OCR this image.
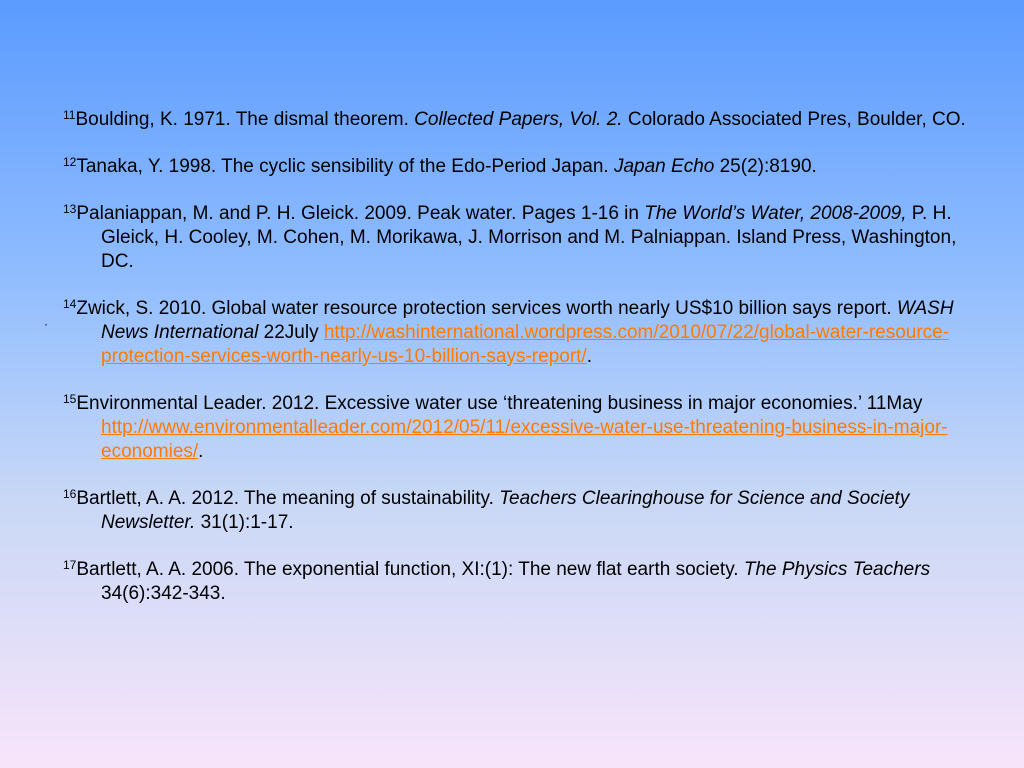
·

$^{11}$Boulding, K. 1971. The dismal theorem. Collected Papers, Vol. 2. Colorado Associated Pres, Boulder, CO.

$^{12}$Tanaka, Y. 1998. The cyclic sensibility of the Edo-Period Japan. Japan Echo 25(2):8190.

$^{13}$Palaniappan, M. and P. H. Gleick. 2009. Peak water. Pages 1-16 in The World’s Water, 2008-2009, P. H. Gleick, H. Cooley, M. Cohen, M. Morikawa, J. Morrison and M. Palniappan. Island Press, Washington, DC.

$^{14}$Zwick, S. 2010. Global water resource protection services worth nearly US$10 billion says report. WASH News International 22July http://washinternational.wordpress.com/2010/07/22/global-water-resource-protection-services-worth-nearly-us-10-billion-says-report/.

$^{15}$Environmental Leader. 2012. Excessive water use ‘threatening business in major economies.’ 11May http://www.environmentalleader.com/2012/05/11/excessive-water-use-threatening-business-in-major-economies/.

$^{16}$Bartlett, A. A. 2012. The meaning of sustainability. Teachers Clearinghouse for Science and Society Newsletter. 31(1):1-17.

$^{17}$Bartlett, A. A. 2006. The exponential function, XI:(1): The new flat earth society. The Physics Teachers 34(6):342-343.
